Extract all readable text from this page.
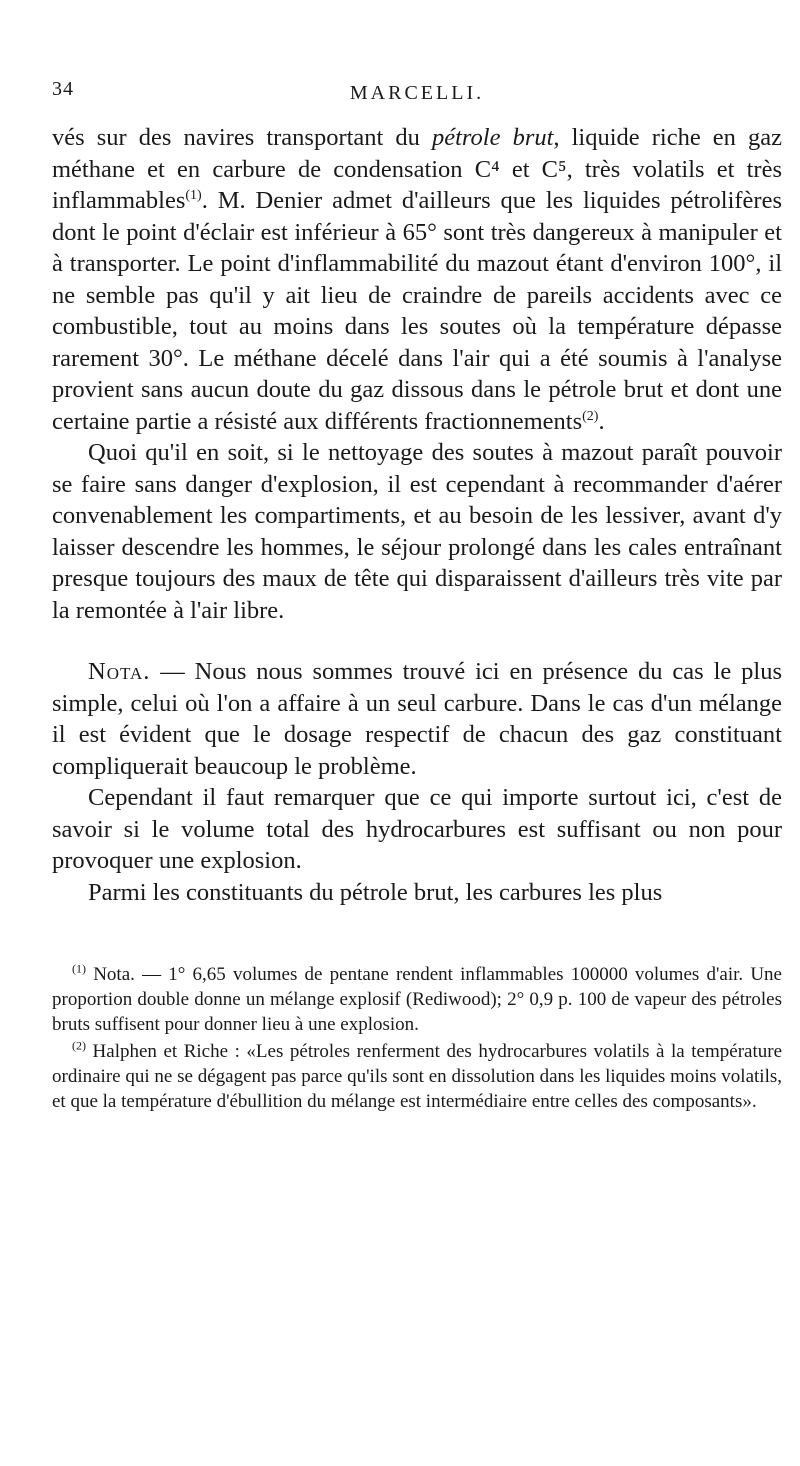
34	MARCELLI.

vés sur des navires transportant du pétrole brut, liquide riche en gaz méthane et en carbure de condensation C⁴ et C⁵, très volatils et très inflammables$^{(1)}$. M. Denier admet d'ailleurs que les liquides pétrolifères dont le point d'éclair est inférieur à 65° sont très dangereux à manipuler et à transporter. Le point d'inflammabilité du mazout étant d'environ 100°, il ne semble pas qu'il y ait lieu de craindre de pareils accidents avec ce combustible, tout au moins dans les soutes où la température dépasse rarement 30°. Le méthane décelé dans l'air qui a été soumis à l'analyse provient sans aucun doute du gaz dissous dans le pétrole brut et dont une certaine partie a résisté aux différents fractionnements$^{(2)}$.

Quoi qu'il en soit, si le nettoyage des soutes à mazout paraît pouvoir se faire sans danger d'explosion, il est cependant à recommander d'aérer convenablement les compartiments, et au besoin de les lessiver, avant d'y laisser descendre les hommes, le séjour prolongé dans les cales entraînant presque toujours des maux de tête qui disparaissent d'ailleurs très vite par la remontée à l'air libre.

Nota. — Nous nous sommes trouvé ici en présence du cas le plus simple, celui où l'on a affaire à un seul carbure. Dans le cas d'un mélange il est évident que le dosage respectif de chacun des gaz constituant compliquerait beaucoup le problème.

Cependant il faut remarquer que ce qui importe surtout ici, c'est de savoir si le volume total des hydrocarbures est suffisant ou non pour provoquer une explosion.

Parmi les constituants du pétrole brut, les carbures les plus

$^{(1)}$ Nota. — 1° 6,65 volumes de pentane rendent inflammables 100000 volumes d'air. Une proportion double donne un mélange explosif (Rediwood); 2° 0,9 p. 100 de vapeur des pétroles bruts suffisent pour donner lieu à une explosion.

$^{(2)}$ Halphen et Riche : «Les pétroles renferment des hydrocarbures volatils à la température ordinaire qui ne se dégagent pas parce qu'ils sont en dissolution dans les liquides moins volatils, et que la température d'ébullition du mélange est intermédiaire entre celles des composants».
